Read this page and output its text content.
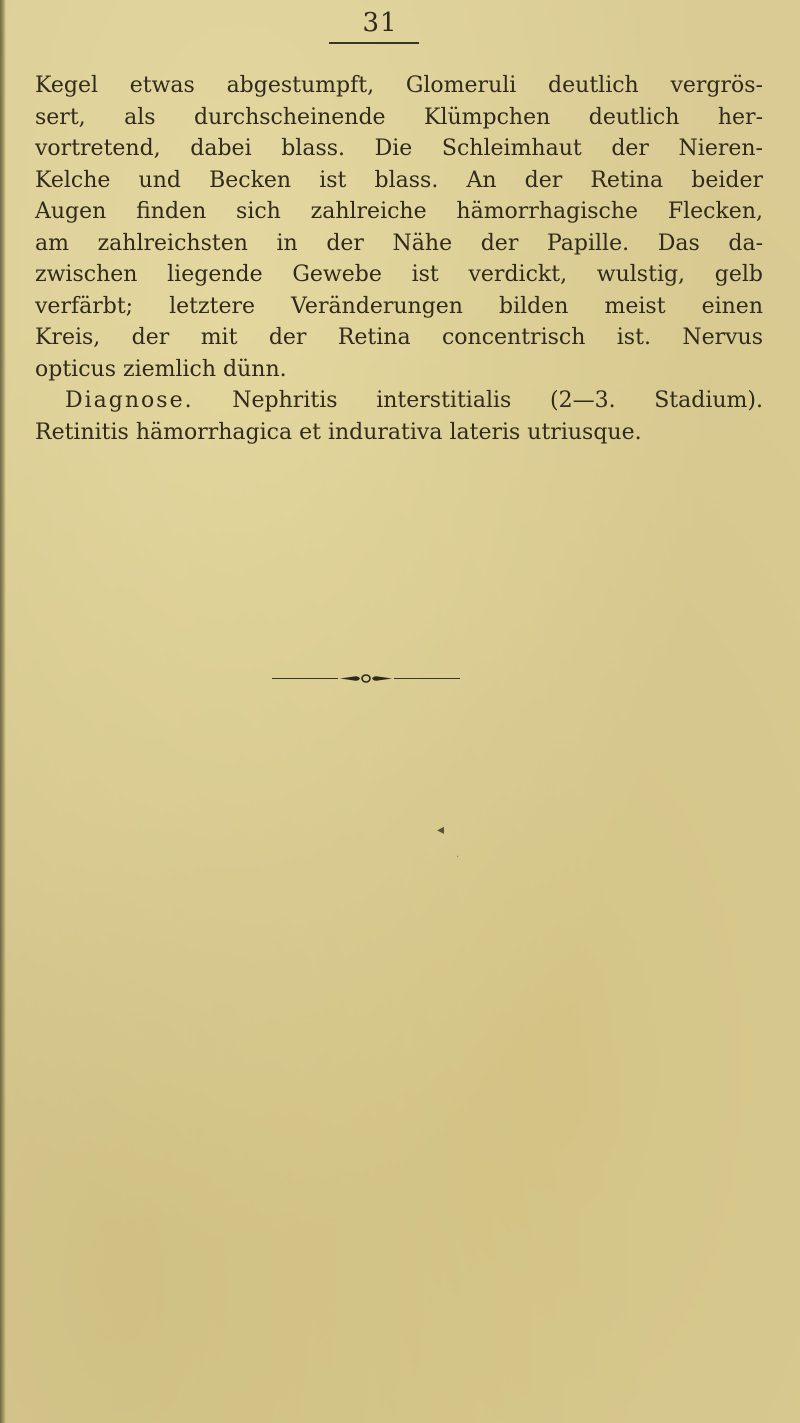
31
Kegel etwas abgestumpft, Glomeruli deutlich vergrös-
sert, als durchscheinende Klümpchen deutlich her-
vortretend, dabei blass. Die Schleimhaut der Nieren-
Kelche und Becken ist blass. An der Retina beider
Augen finden sich zahlreiche hämorrhagische Flecken,
am zahlreichsten in der Nähe der Papille. Das da-
zwischen liegende Gewebe ist verdickt, wulstig, gelb
verfärbt; letztere Veränderungen bilden meist einen
Kreis, der mit der Retina concentrisch ist. Nervus
opticus ziemlich dünn.
Diagnose. Nephritis interstitialis (2—3. Stadium).
Retinitis hämorrhagica et indurativa lateris utriusque.
◂
·
